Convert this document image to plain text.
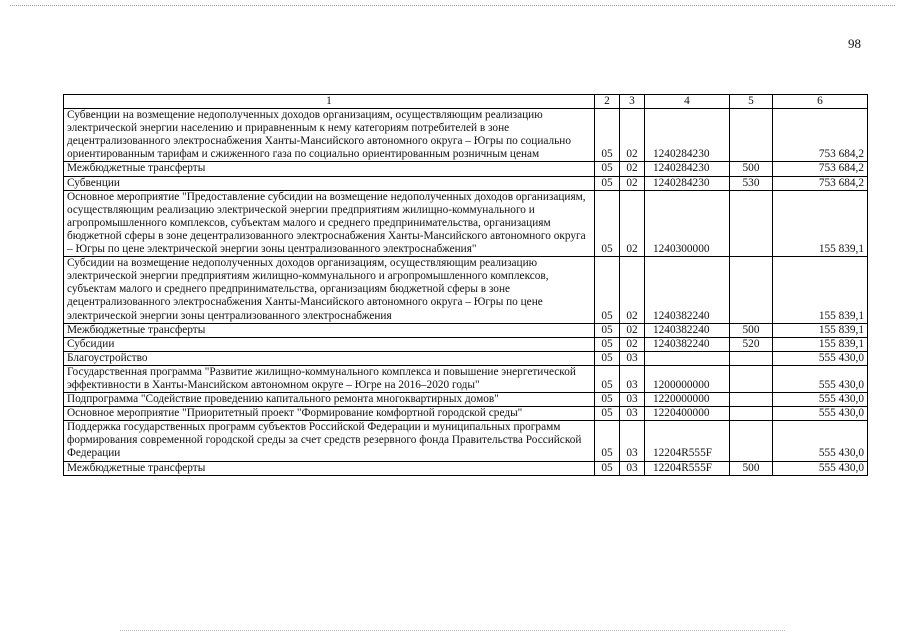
98
1	2	3	4	5	6
Субвенции на возмещение недополученных доходов организациям, осуществляющим реализацию электрической энергии населению и приравненным к нему категориям потребителей в зоне децентрализованного электроснабжения Ханты-Мансийского автономного округа – Югры по социально ориентированным тарифам и сжиженного газа по социально ориентированным розничным ценам	05	02	1240284230		753 684,2
Межбюджетные трансферты	05	02	1240284230	500	753 684,2
Субвенции	05	02	1240284230	530	753 684,2
Основное мероприятие "Предоставление субсидии на возмещение недополученных доходов организациям, осуществляющим реализацию электрической энергии предприятиям жилищно-коммунального и агропромышленного комплексов, субъектам малого и среднего предпринимательства, организациям бюджетной сферы в зоне децентрализованного электроснабжения Ханты-Мансийского автономного округа – Югры по цене электрической энергии зоны централизованного электроснабжения"	05	02	1240300000		155 839,1
Субсидии на возмещение недополученных доходов организациям, осуществляющим реализацию электрической энергии предприятиям жилищно-коммунального и агропромышленного комплексов, субъектам малого и среднего предпринимательства, организациям бюджетной сферы в зоне децентрализованного электроснабжения Ханты-Мансийского автономного округа – Югры по цене электрической энергии зоны централизованного электроснабжения	05	02	1240382240		155 839,1
Межбюджетные трансферты	05	02	1240382240	500	155 839,1
Субсидии	05	02	1240382240	520	155 839,1
Благоустройство	05	03			555 430,0
Государственная программа "Развитие жилищно-коммунального комплекса и повышение энергетической эффективности в Ханты-Мансийском автономном округе – Югре на 2016–2020 годы"	05	03	1200000000		555 430,0
Подпрограмма "Содействие проведению капитального ремонта многоквартирных домов"	05	03	1220000000		555 430,0
Основное мероприятие "Приоритетный проект "Формирование комфортной городской среды"	05	03	1220400000		555 430,0
Поддержка государственных программ субъектов Российской Федерации и муниципальных программ формирования современной городской среды за счет средств резервного фонда Правительства Российской Федерации	05	03	12204R555F		555 430,0
Межбюджетные трансферты	05	03	12204R555F	500	555 430,0
